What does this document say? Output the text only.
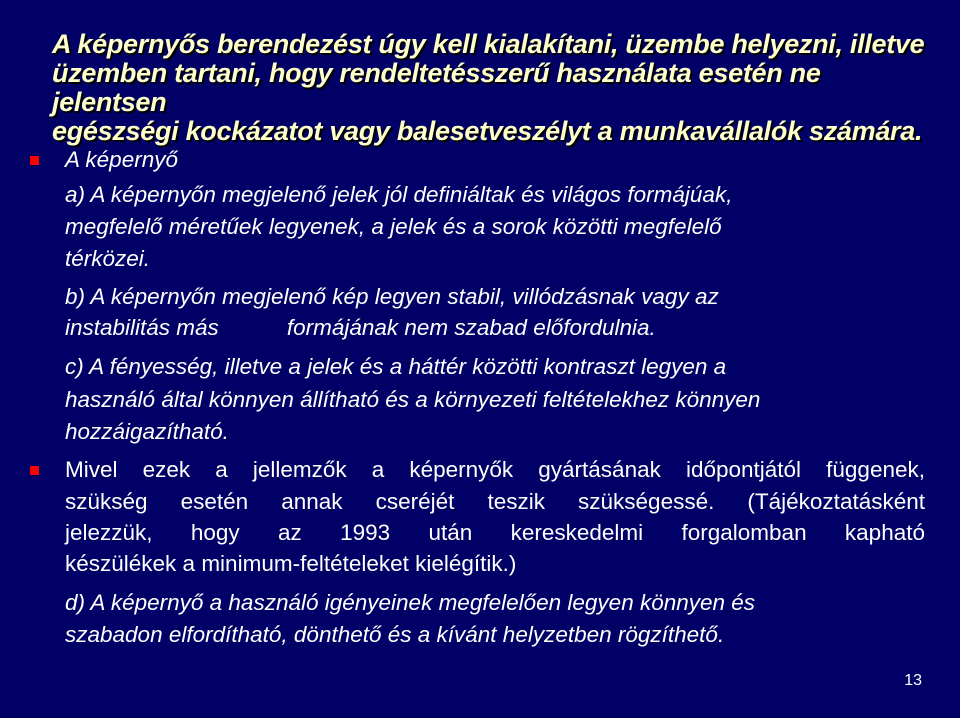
A képernyős berendezést úgy kell kialakítani, üzembe helyezni, illetve
üzemben tartani, hogy rendeltetésszerű használata esetén ne jelentsen
egészségi kockázatot vagy balesetveszélyt a munkavállalók számára.
A képernyő
a) A képernyőn megjelenő jelek jól definiáltak és világos formájúak,
megfelelő méretűek legyenek, a jelek és a sorok közötti megfelelő
térközei.
b) A képernyőn megjelenő kép legyen stabil, villódzásnak vagy az
instabilitás más	formájának nem szabad előfordulnia.
c) A fényesség, illetve a jelek és a háttér közötti kontraszt legyen a
használó által könnyen állítható és a környezeti feltételekhez könnyen
hozzáigazítható.
Mivel ezek a jellemzők a képernyők gyártásának időpontjától függenek,
szükség esetén annak cseréjét teszik szükségessé. (Tájékoztatásként
jelezzük, hogy az 1993 után kereskedelmi forgalomban kapható
készülékek a minimum-feltételeket kielégítik.)
d) A képernyő a használó igényeinek megfelelően legyen könnyen és
szabadon elfordítható, dönthető és a kívánt helyzetben rögzíthető.
13
